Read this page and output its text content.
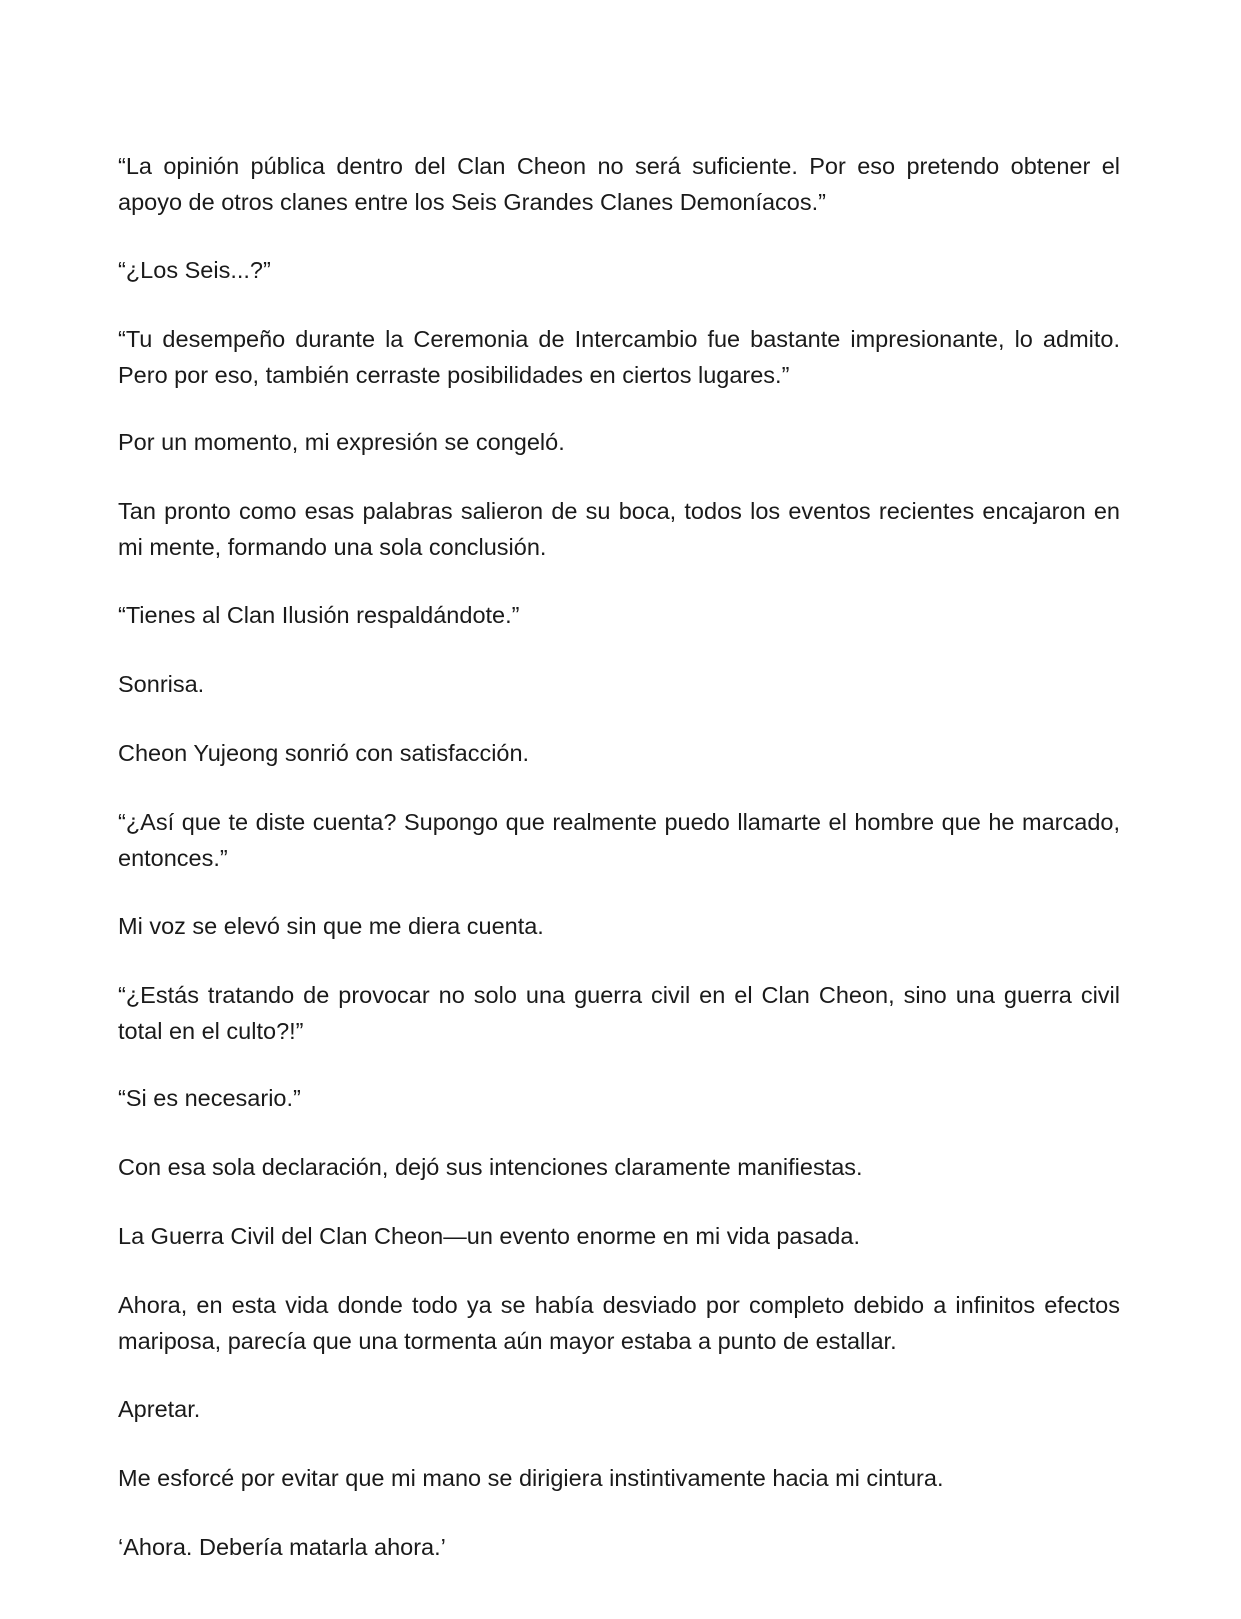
“La opinión pública dentro del Clan Cheon no será suficiente. Por eso pretendo obtener el apoyo de otros clanes entre los Seis Grandes Clanes Demoníacos.”

“¿Los Seis...?”

“Tu desempeño durante la Ceremonia de Intercambio fue bastante impresionante, lo admito. Pero por eso, también cerraste posibilidades en ciertos lugares.”

Por un momento, mi expresión se congeló.

Tan pronto como esas palabras salieron de su boca, todos los eventos recientes encajaron en mi mente, formando una sola conclusión.

“Tienes al Clan Ilusión respaldándote.”

Sonrisa.

Cheon Yujeong sonrió con satisfacción.

“¿Así que te diste cuenta? Supongo que realmente puedo llamarte el hombre que he marcado, entonces.”

Mi voz se elevó sin que me diera cuenta.

“¿Estás tratando de provocar no solo una guerra civil en el Clan Cheon, sino una guerra civil total en el culto?!”

“Si es necesario.”

Con esa sola declaración, dejó sus intenciones claramente manifiestas.

La Guerra Civil del Clan Cheon—un evento enorme en mi vida pasada.

Ahora, en esta vida donde todo ya se había desviado por completo debido a infinitos efectos mariposa, parecía que una tormenta aún mayor estaba a punto de estallar.

Apretar.

Me esforcé por evitar que mi mano se dirigiera instintivamente hacia mi cintura.

‘Ahora. Debería matarla ahora.’
